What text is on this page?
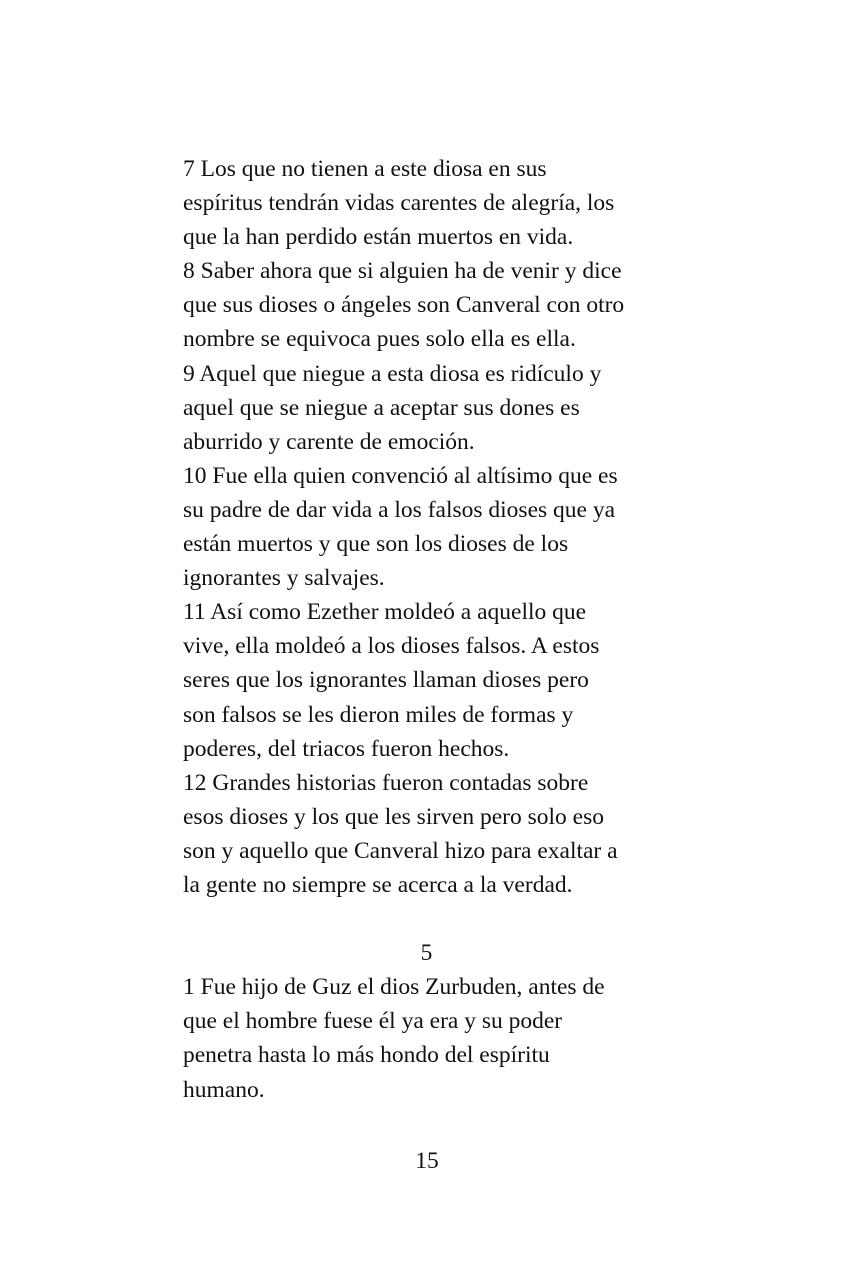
7 Los que no tienen a este diosa en sus
espíritus tendrán vidas carentes de alegría, los
que la han perdido están muertos en vida.
8 Saber ahora que si alguien ha de venir y dice
que sus dioses o ángeles son Canveral con otro
nombre se equivoca pues solo ella es ella.
9 Aquel que niegue a esta diosa es ridículo y
aquel que se niegue a aceptar sus dones es
aburrido y carente de emoción.
10 Fue ella quien convenció al altísimo que es
su padre de dar vida a los falsos dioses que ya
están muertos y que son los dioses de los
ignorantes y salvajes.
11 Así como Ezether moldeó a aquello que
vive, ella moldeó a los dioses falsos. A estos
seres que los ignorantes llaman dioses pero
son falsos se les dieron miles de formas y
poderes, del triacos fueron hechos.
12 Grandes historias fueron contadas sobre
esos dioses y los que les sirven pero solo eso
son y aquello que Canveral hizo para exaltar a
la gente no siempre se acerca a la verdad.
5
1 Fue hijo de Guz el dios Zurbuden, antes de
que el hombre fuese él ya era y su poder
penetra hasta lo más hondo del espíritu
humano.
15
